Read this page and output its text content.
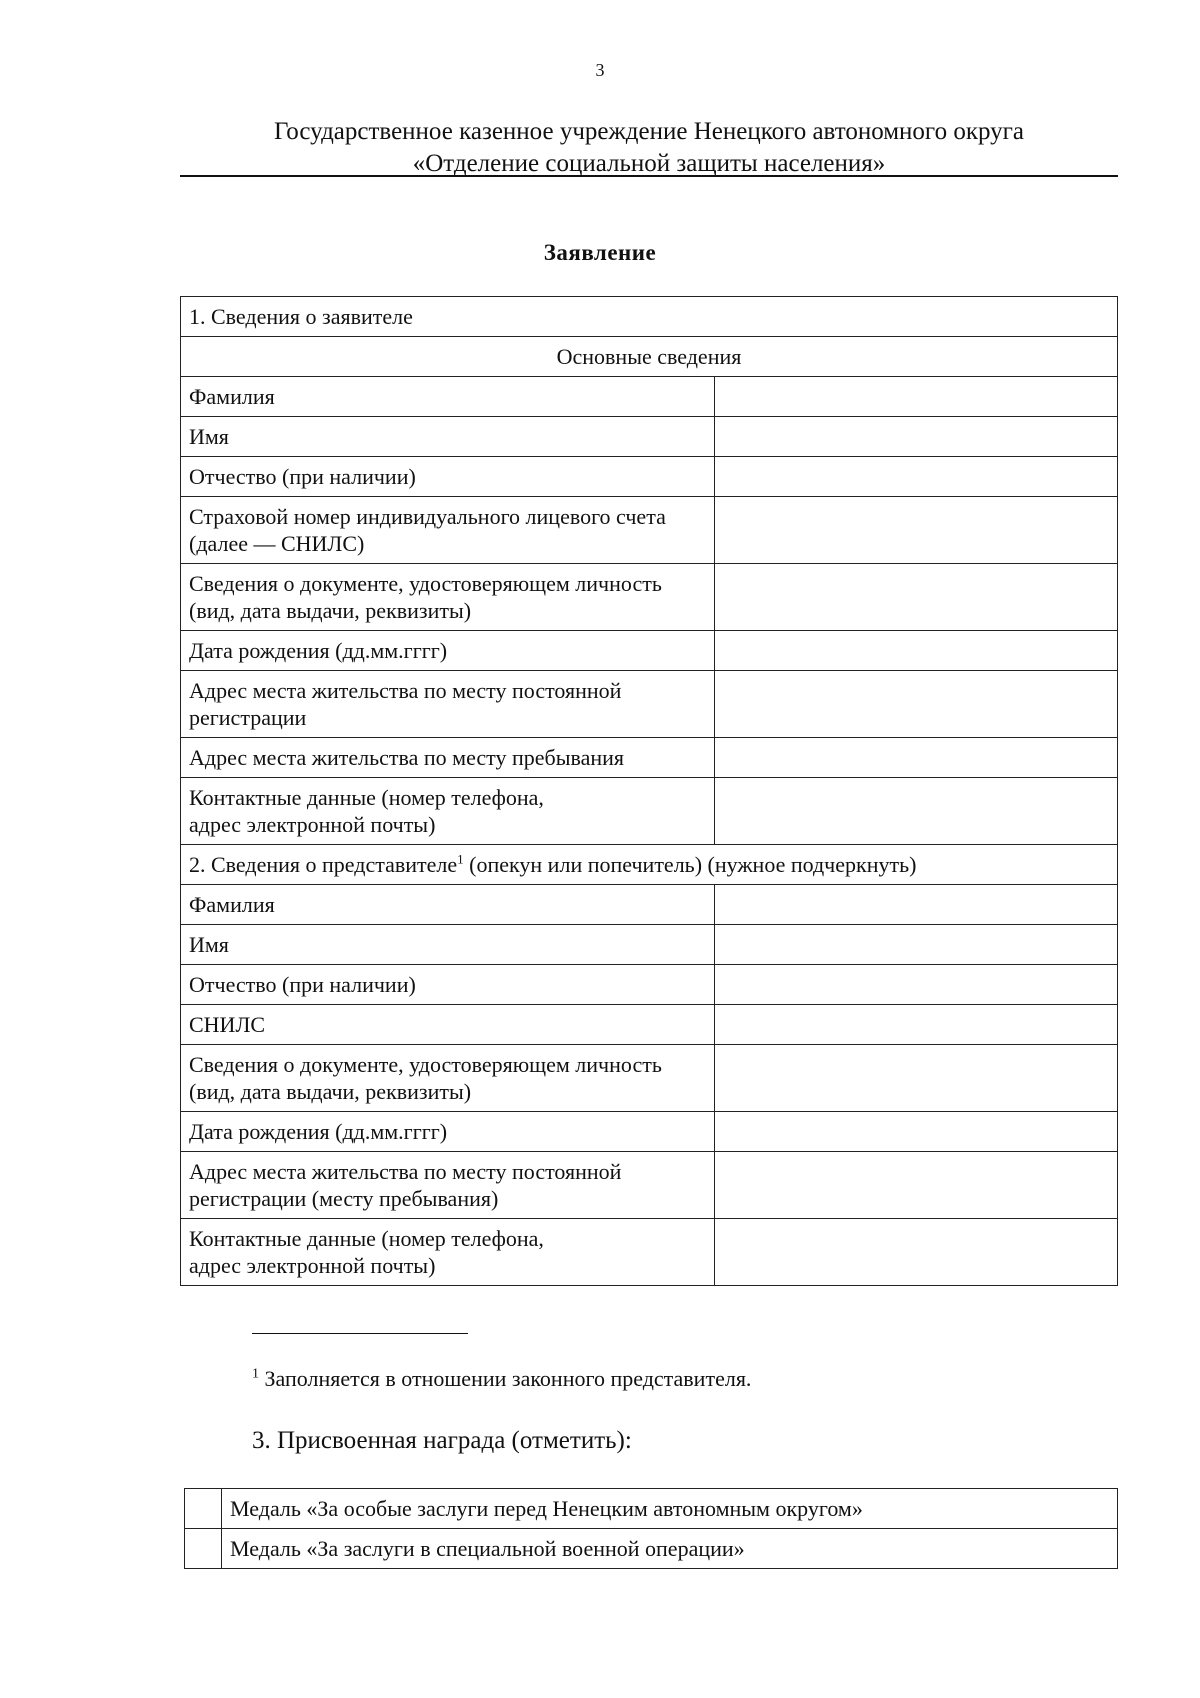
3
Государственное казенное учреждение Ненецкого автономного округа
«Отделение социальной защиты населения»
Заявление
1. Сведения о заявителе	
Основные сведения	
Фамилия	
Имя	
Отчество (при наличии)	

Страховой номер индивидуального лицевого счета
(далее — СНИЛС)	

Сведения о документе, удостоверяющем личность
(вид, дата выдачи, реквизиты)	

Дата рождения (дд.мм.гггг)	

Адрес места жительства по месту постоянной
регистрации	

Адрес места жительства по месту пребывания	

Контактные данные (номер телефона,
адрес электронной почты)	

2. Сведения о представителе$^1$ (опекун или попечитель) (нужное подчеркнуть)	
Фамилия	
Имя	
Отчество (при наличии)	
СНИЛС	

Сведения о документе, удостоверяющем личность
(вид, дата выдачи, реквизиты)	

Дата рождения (дд.мм.гггг)	

Адрес места жительства по месту постоянной
регистрации (месту пребывания)	

Контактные данные (номер телефона,
адрес электронной почты)	

$^1$ Заполняется в отношении законного представителя.
3. Присвоенная награда (отметить):
	Медаль «За особые заслуги перед Ненецким автономным округом»
	Медаль «За заслуги в специальной военной операции»
